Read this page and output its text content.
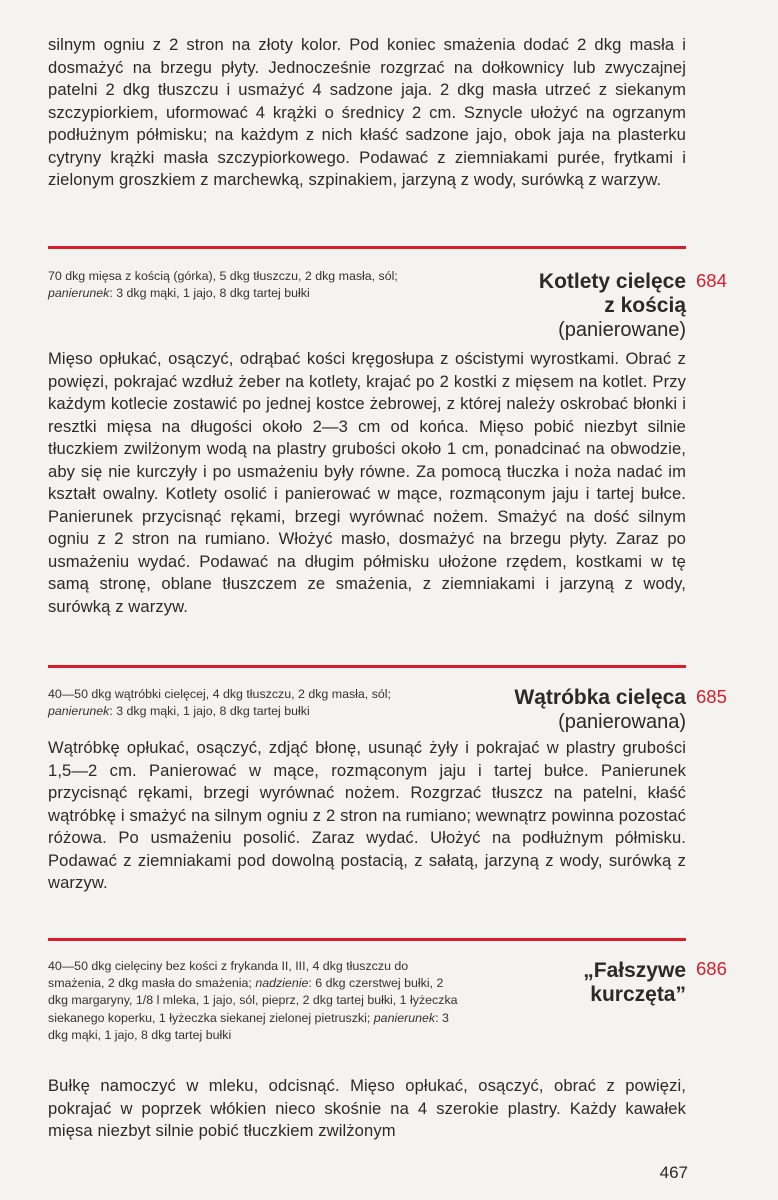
silnym ogniu z 2 stron na złoty kolor. Pod koniec smażenia dodać 2 dkg masła i dosmażyć na brzegu płyty. Jednocześnie rozgrzać na dołkownicy lub zwyczajnej patelni 2 dkg tłuszczu i usmażyć 4 sadzone jaja. 2 dkg masła utrzeć z siekanym szczypiorkiem, uformować 4 krążki o średnicy 2 cm. Sznycle ułożyć na ogrzanym podłużnym półmisku; na każdym z nich kłaść sadzone jajo, obok jaja na plasterku cytryny krążki masła szczypiorkowego. Podawać z ziemniakami purée, frytkami i zielonym groszkiem z marchewką, szpinakiem, jarzyną z wody, surówką z warzyw.

70 dkg mięsa z kością (górka), 5 dkg tłuszczu, 2 dkg masła, sól; panierunek: 3 dkg mąki, 1 jajo, 8 dkg tartej bułki

Kotlety cielęce
z kością
(panierowane)
684

Mięso opłukać, osączyć, odrąbać kości kręgosłupa z ościstymi wyrostkami. Obrać z powięzi, pokrajać wzdłuż żeber na kotlety, krajać po 2 kostki z mięsem na kotlet. Przy każdym kotlecie zostawić po jednej kostce żebrowej, z której należy oskrobać błonki i resztki mięsa na długości około 2—3 cm od końca. Mięso pobić niezbyt silnie tłuczkiem zwilżonym wodą na plastry grubości około 1 cm, ponadcinać na obwodzie, aby się nie kurczyły i po usmażeniu były równe. Za pomocą tłuczka i noża nadać im kształt owalny. Kotlety osolić i panierować w mące, rozmąconym jaju i tartej bułce. Panierunek przycisnąć rękami, brzegi wyrównać nożem. Smażyć na dość silnym ogniu z 2 stron na rumiano. Włożyć masło, dosmażyć na brzegu płyty. Zaraz po usmażeniu wydać. Podawać na długim półmisku ułożone rzędem, kostkami w tę samą stronę, oblane tłuszczem ze smażenia, z ziemniakami i jarzyną z wody, surówką z warzyw.

40—50 dkg wątróbki cielęcej, 4 dkg tłuszczu, 2 dkg masła, sól; panierunek: 3 dkg mąki, 1 jajo, 8 dkg tartej bułki

Wątróbka cielęca
(panierowana)
685

Wątróbkę opłukać, osączyć, zdjąć błonę, usunąć żyły i pokrajać w plastry grubości 1,5—2 cm. Panierować w mące, rozmąconym jaju i tartej bułce. Panierunek przycisnąć rękami, brzegi wyrównać nożem. Rozgrzać tłuszcz na patelni, kłaść wątróbkę i smażyć na silnym ogniu z 2 stron na rumiano; wewnątrz powinna pozostać różowa. Po usmażeniu posolić. Zaraz wydać. Ułożyć na podłużnym półmisku. Podawać z ziemniakami pod dowolną postacią, z sałatą, jarzyną z wody, surówką z warzyw.

40—50 dkg cielęciny bez kości z frykanda II, III, 4 dkg tłuszczu do smażenia, 2 dkg masła do smażenia; nadzienie: 6 dkg czerstwej bułki, 2 dkg margaryny, 1/8 l mleka, 1 jajo, sól, pieprz, 2 dkg tartej bułki, 1 łyżeczka siekanego koperku, 1 łyżeczka siekanej zielonej pietruszki; panierunek: 3 dkg mąki, 1 jajo, 8 dkg tartej bułki

„Fałszywe
kurczęta”
686

Bułkę namoczyć w mleku, odcisnąć. Mięso opłukać, osączyć, obrać z powięzi, pokrajać w poprzek włókien nieco skośnie na 4 szerokie plastry. Każdy kawałek mięsa niezbyt silnie pobić tłuczkiem zwilżonym

467
